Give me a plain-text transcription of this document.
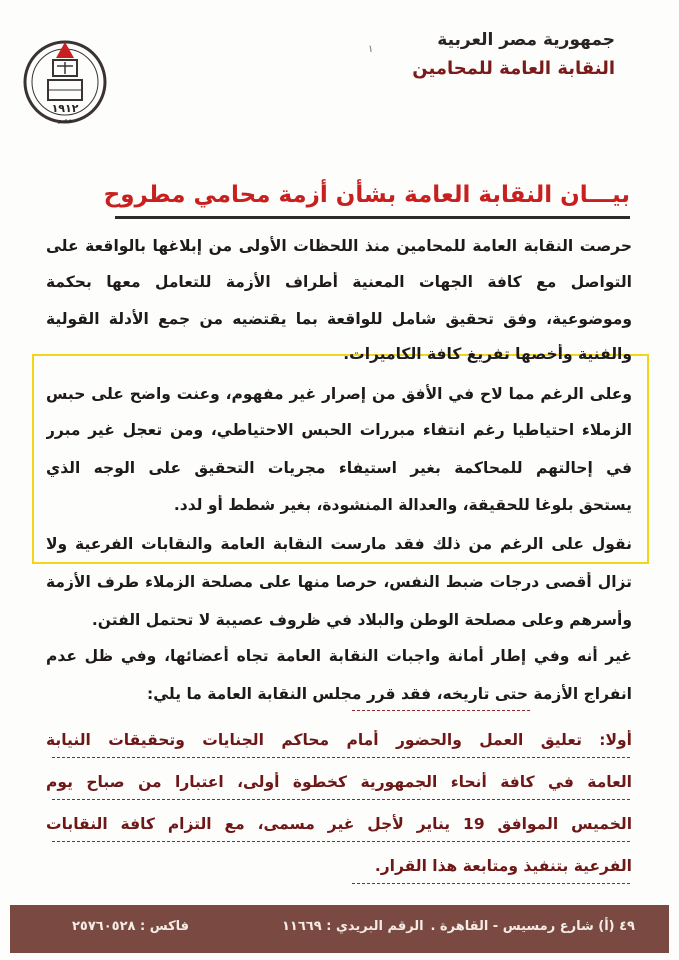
١٩١٢
مصر
جمهورية مصر العربية
النقابة العامة للمحامين
١
بيـــان النقابة العامة بشأن أزمة محامي مطروح
حرصت النقابة العامة للمحامين منذ اللحظات الأولى من إبلاغها بالواقعة على
التواصل مع كافة الجهات المعنية أطراف الأزمة للتعامل معها بحكمة
وموضوعية، وفق تحقيق شامل للواقعة بما يقتضيه من جمع الأدلة القولية
والفنية وأخصها تفريغ كافة الكاميرات.
وعلى الرغم مما لاح في الأفق من إصرار غير مفهوم، وعنت واضح على حبس
الزملاء احتياطيا رغم انتفاء مبررات الحبس الاحتياطي، ومن تعجل غير مبرر
في إحالتهم للمحاكمة بغير استيفاء مجريات التحقيق على الوجه الذي
يستحق بلوغا للحقيقة، والعدالة المنشودة، بغير شطط أو لدد.
نقول على الرغم من ذلك فقد مارست النقابة العامة والنقابات الفرعية ولا
تزال أقصى درجات ضبط النفس، حرصا منها على مصلحة الزملاء طرف الأزمة
وأسرهم وعلى مصلحة الوطن والبلاد في ظروف عصيبة لا تحتمل الفتن.
غير أنه وفي إطار أمانة واجبات النقابة العامة تجاه أعضائها، وفي ظل عدم
انفراج الأزمة حتى تاريخه، فقد قرر مجلس النقابة العامة ما يلي:
أولا: تعليق العمل والحضور أمام محاكم الجنايات وتحقيقات النيابة
العامة في كافة أنحاء الجمهورية كخطوة أولى، اعتبارا من صباح يوم
الخميس الموافق 19 يناير لأجل غير مسمى، مع التزام كافة النقابات
الفرعية بتنفيذ ومتابعة هذا القرار.
٤٩ (أ) شارع رمسيس - القاهرة .
الرقم البريدي : ١١٦٦٩
فاكس : ٢٥٧٦٠٥٢٨
